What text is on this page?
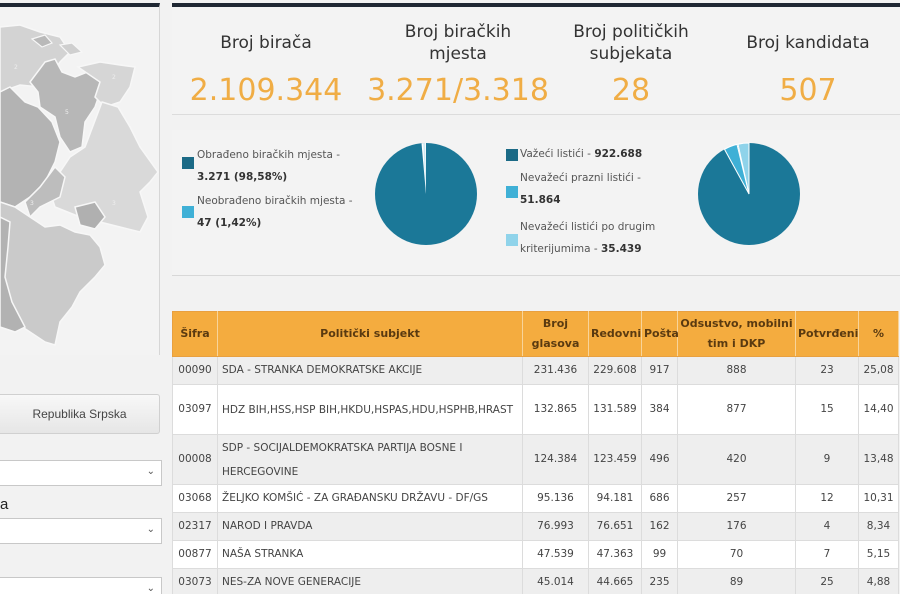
2
2
5
3	3
Republika Srpska
⌄
a
⌄
⌄
Broj birača
2.109.344
Broj biračkih mjesta
3.271/3.318
Broj političkih subjekata
28
Broj kandidata
507
Obrađeno biračkih mjesta -
3.271 (98,58%)
Neobrađeno biračkih mjesta -
47 (1,42%)
Važeći listići - 922.688
Nevažeći prazni listići -
51.864
Nevažeći listići po drugim
kriterijumima - 35.439
Šifra	Politički subjekt	Broj glasova	Redovni	Pošta	Odsustvo, mobilni tim i DKP	Potvrđeni	%
00090	SDA - STRANKA DEMOKRATSKE AKCIJE	231.436	229.608	917	888	23	25,08
03097	HDZ BIH,HSS,HSP BIH,HKDU,HSPAS,HDU,HSPHB,HRAST	132.865	131.589	384	877	15	14,40
00008	SDP - SOCIJALDEMOKRATSKA PARTIJA BOSNE I HERCEGOVINE	124.384	123.459	496	420	9	13,48
03068	ŽELJKO KOMŠIĆ - ZA GRAĐANSKU DRŽAVU - DF/GS	95.136	94.181	686	257	12	10,31
02317	NAROD I PRAVDA	76.993	76.651	162	176	4	8,34
00877	NAŠA STRANKA	47.539	47.363	99	70	7	5,15
03073	NES-ZA NOVE GENERACIJE	45.014	44.665	235	89	25	4,88
